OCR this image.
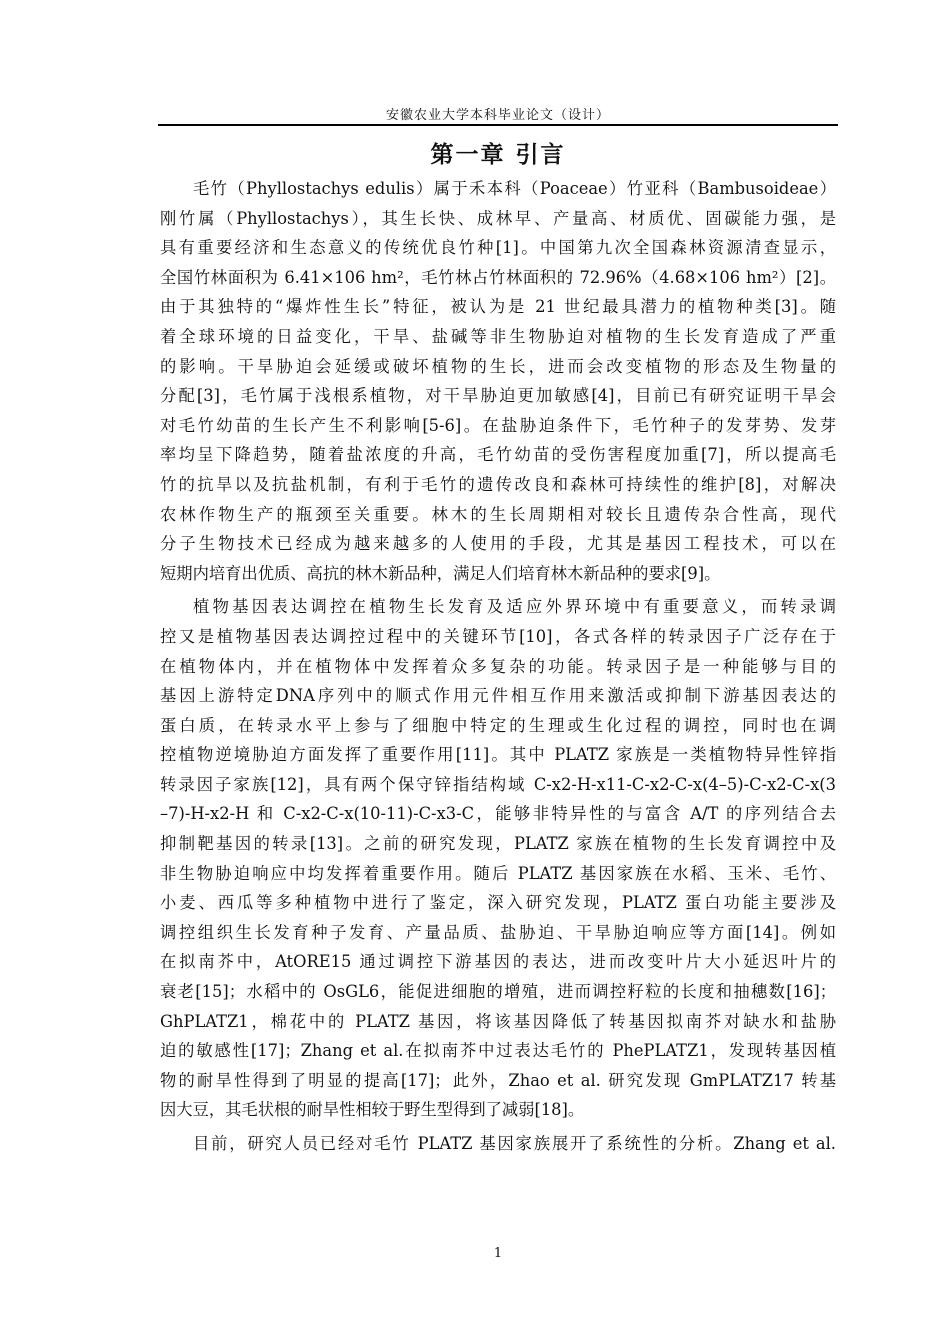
安徽农业大学本科毕业论文（设计）
第一章 引言
毛竹（Phyllostachys edulis）属于禾本科（Poaceae）竹亚科（Bambusoideae）
刚竹属（Phyllostachys），其生长快、成林早、产量高、材质优、固碳能力强，是
具有重要经济和生态意义的传统优良竹种[1]。中国第九次全国森林资源清查显示，
全国竹林面积为 6.41×106 hm²，毛竹林占竹林面积的 72.96%（4.68×106 hm²）[2]。
由于其独特的“爆炸性生长”特征，被认为是 21 世纪最具潜力的植物种类[3]。随
着全球环境的日益变化，干旱、盐碱等非生物胁迫对植物的生长发育造成了严重
的影响。干旱胁迫会延缓或破坏植物的生长，进而会改变植物的形态及生物量的
分配[3]，毛竹属于浅根系植物，对干旱胁迫更加敏感[4]，目前已有研究证明干旱会
对毛竹幼苗的生长产生不利影响[5-6]。在盐胁迫条件下，毛竹种子的发芽势、发芽
率均呈下降趋势，随着盐浓度的升高，毛竹幼苗的受伤害程度加重[7]，所以提高毛
竹的抗旱以及抗盐机制，有利于毛竹的遗传改良和森林可持续性的维护[8]，对解决
农林作物生产的瓶颈至关重要。林木的生长周期相对较长且遗传杂合性高，现代
分子生物技术已经成为越来越多的人使用的手段，尤其是基因工程技术，可以在
短期内培育出优质、高抗的林木新品种，满足人们培育林木新品种的要求[9]。
植物基因表达调控在植物生长发育及适应外界环境中有重要意义，而转录调
控又是植物基因表达调控过程中的关键环节[10]，各式各样的转录因子广泛存在于
在植物体内，并在植物体中发挥着众多复杂的功能。转录因子是一种能够与目的
基因上游特定DNA序列中的顺式作用元件相互作用来激活或抑制下游基因表达的
蛋白质，在转录水平上参与了细胞中特定的生理或生化过程的调控，同时也在调
控植物逆境胁迫方面发挥了重要作用[11]。其中 PLATZ 家族是一类植物特异性锌指
转录因子家族[12]，具有两个保守锌指结构域 C-x2-H-x11-C-x2-C-x(4–5)-C-x2-C-x(3
–7)-H-x2-H 和 C-x2-C-x(10-11)-C-x3-C，能够非特异性的与富含 A/T 的序列结合去
抑制靶基因的转录[13]。之前的研究发现，PLATZ 家族在植物的生长发育调控中及
非生物胁迫响应中均发挥着重要作用。随后 PLATZ 基因家族在水稻、玉米、毛竹、
小麦、西瓜等多种植物中进行了鉴定，深入研究发现，PLATZ 蛋白功能主要涉及
调控组织生长发育种子发育、产量品质、盐胁迫、干旱胁迫响应等方面[14]。例如
在拟南芥中，AtORE15 通过调控下游基因的表达，进而改变叶片大小延迟叶片的
衰老[15]；水稻中的 OsGL6，能促进细胞的增殖，进而调控籽粒的长度和抽穗数[16]；
GhPLATZ1，棉花中的 PLATZ 基因，将该基因降低了转基因拟南芥对缺水和盐胁
迫的敏感性[17]；Zhang et al.在拟南芥中过表达毛竹的 PhePLATZ1，发现转基因植
物的耐旱性得到了明显的提高[17]；此外，Zhao et al. 研究发现 GmPLATZ17 转基
因大豆，其毛状根的耐旱性相较于野生型得到了减弱[18]。
目前，研究人员已经对毛竹 PLATZ 基因家族展开了系统性的分析。Zhang et al.
1
